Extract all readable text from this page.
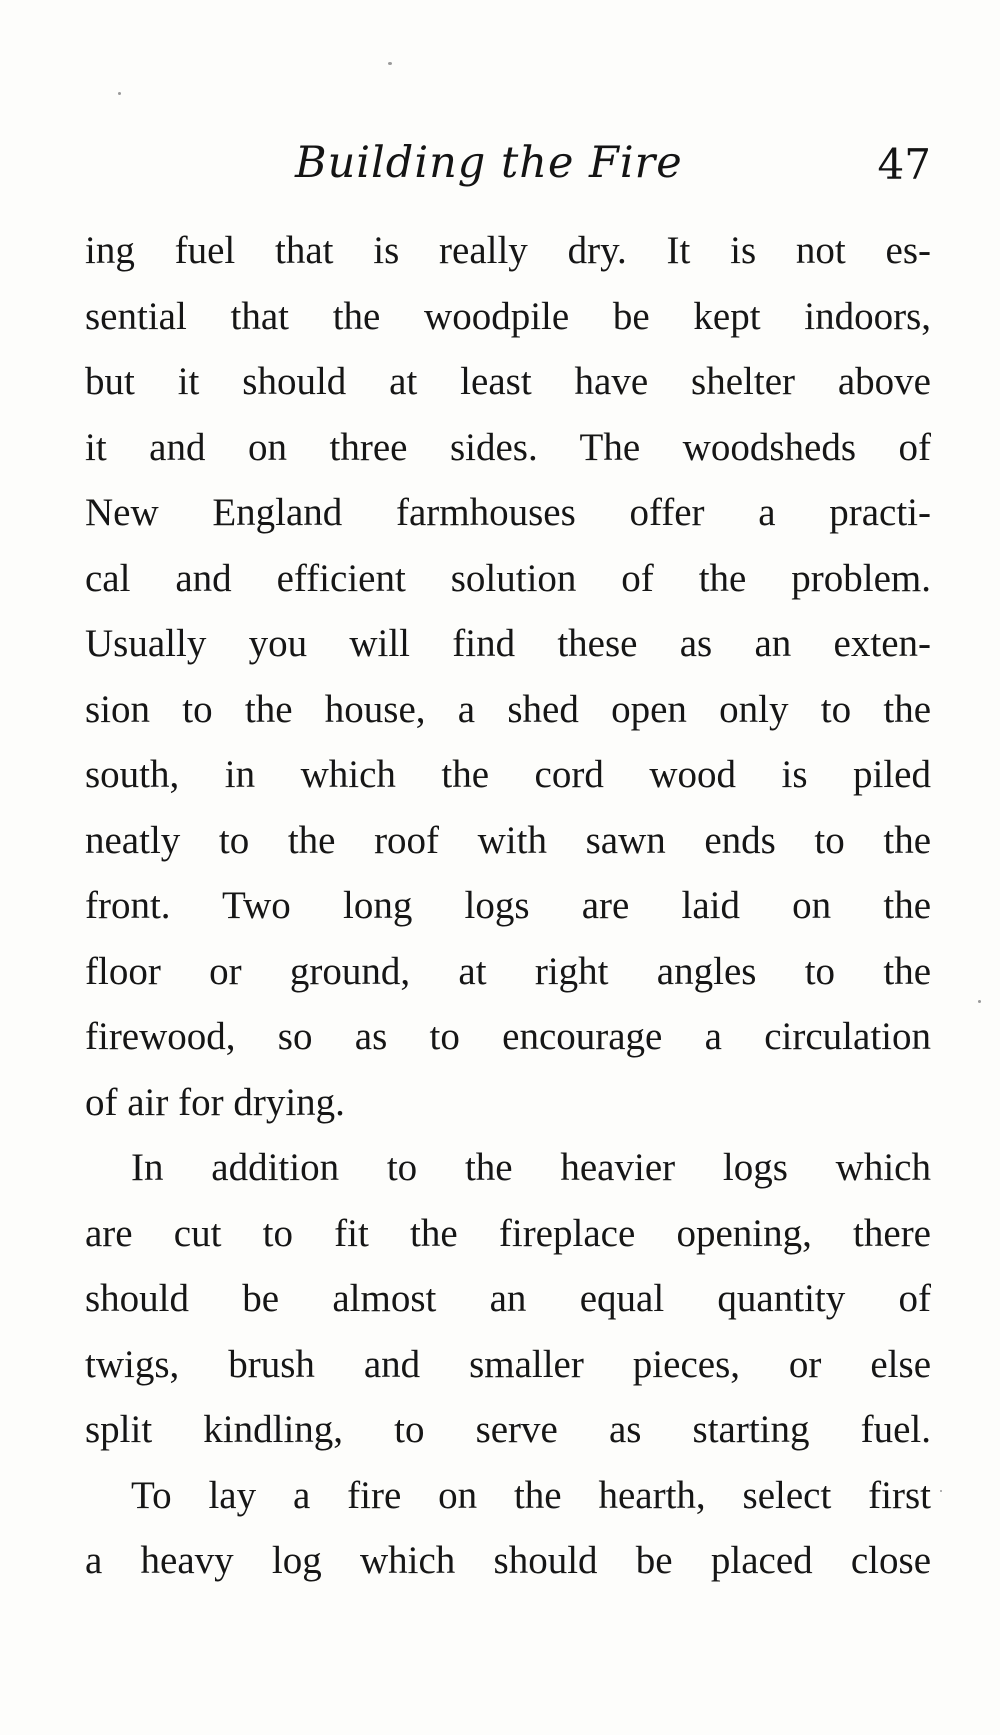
Building the Fire	47
ing fuel that is really dry. It is not es-
sential that the woodpile be kept indoors,
but it should at least have shelter above
it and on three sides. The woodsheds of
New England farmhouses offer a practi-
cal and efficient solution of the problem.
Usually you will find these as an exten-
sion to the house, a shed open only to the
south, in which the cord wood is piled
neatly to the roof with sawn ends to the
front. Two long logs are laid on the
floor or ground, at right angles to the
firewood, so as to encourage a circulation
of air for drying.
In addition to the heavier logs which
are cut to fit the fireplace opening, there
should be almost an equal quantity of
twigs, brush and smaller pieces, or else
split kindling, to serve as starting fuel.
To lay a fire on the hearth, select first
a heavy log which should be placed close
